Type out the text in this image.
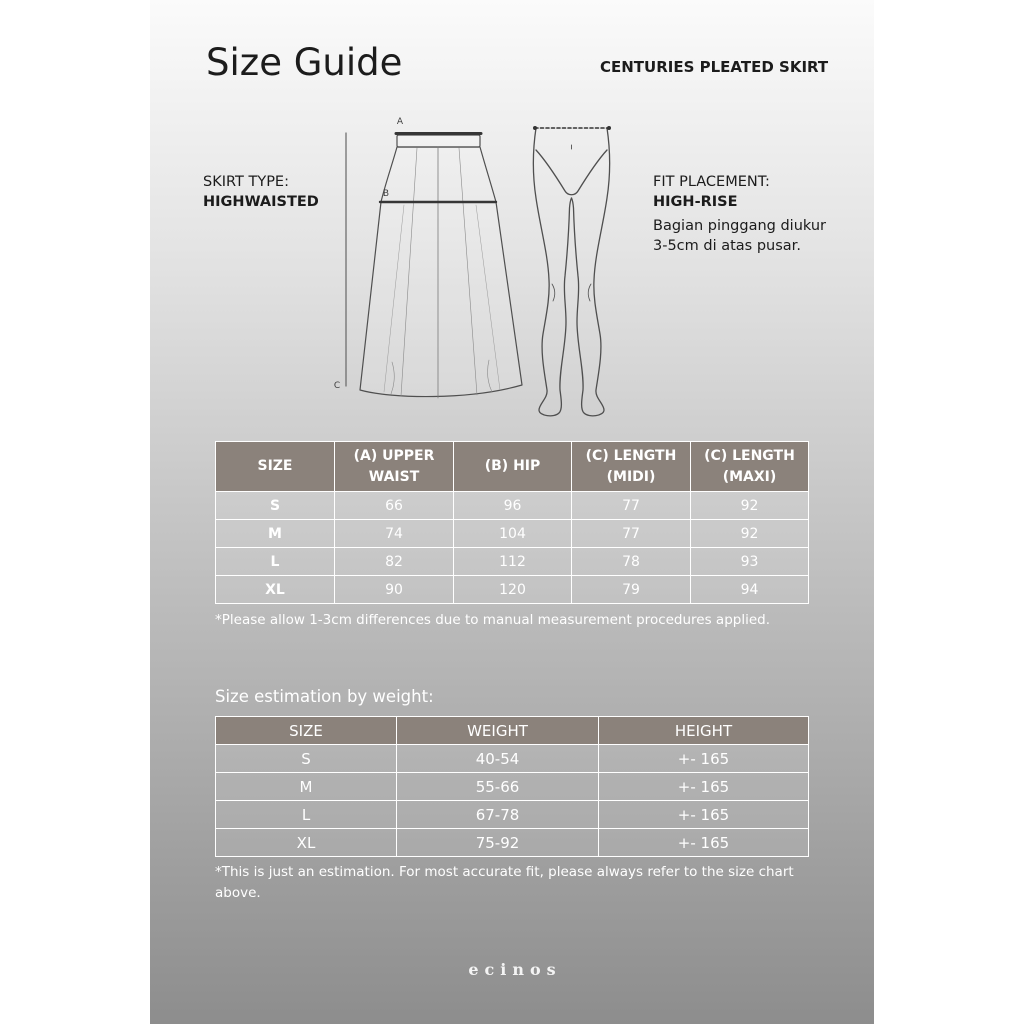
Size Guide	CENTURIES PLEATED SKIRT
SKIRT TYPE:
HIGHWAISTED
FIT PLACEMENT:
HIGH-RISE
Bagian pinggang diukur 3-5cm di atas pusar.
A
B
C
SIZE	(A) UPPER WAIST	(B) HIP	(C) LENGTH (MIDI)	(C) LENGTH (MAXI)
S	66	96	77	92
M	74	104	77	92
L	82	112	78	93
XL	90	120	79	94
*Please allow 1-3cm differences due to manual measurement procedures applied.
Size estimation by weight:
SIZE	WEIGHT	HEIGHT
S	40-54	+- 165
M	55-66	+- 165
L	67-78	+- 165
XL	75-92	+- 165
*This is just an estimation. For most accurate fit, please always refer to the size chart above.
ecinos
